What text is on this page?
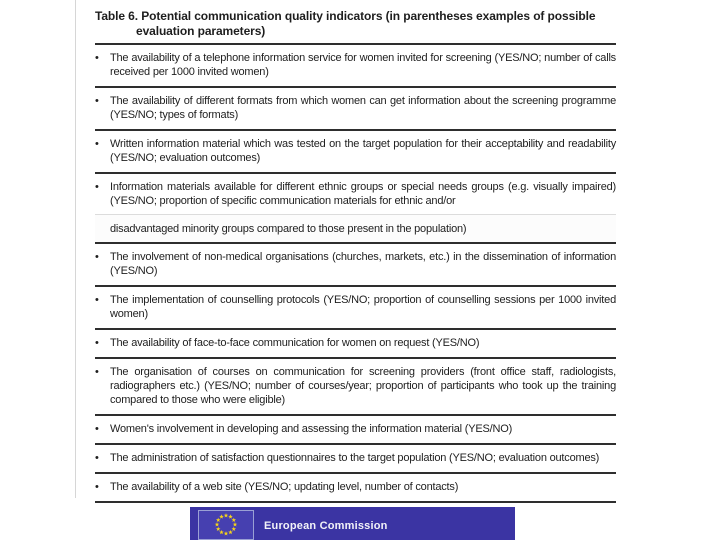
Table 6. Potential communication quality indicators (in parentheses examples of possible evaluation parameters)
•	The availability of a telephone information service for women invited for screening (YES/NO; number of calls received per 1000 invited women)
•	The availability of different formats from which women can get information about the screening programme (YES/NO; types of formats)
•	Written information material which was tested on the target population for their acceptability and readability (YES/NO; evaluation outcomes)
•	Information materials available for different ethnic groups or special needs groups (e.g. visually impaired) (YES/NO; proportion of specific communication materials for ethnic and/or
disadvantaged minority groups compared to those present in the population)
•	The involvement of non-medical organisations (churches, markets, etc.) in the dissemination of information (YES/NO)
•	The implementation of counselling protocols (YES/NO; proportion of counselling sessions per 1000 invited women)
•	The availability of face-to-face communication for women on request (YES/NO)
•	The organisation of courses on communication for screening providers (front office staff, radiologists, radiographers etc.) (YES/NO; number of courses/year; proportion of participants who took up the training compared to those who were eligible)
•	Women's involvement in developing and assessing the information material (YES/NO)
•	The administration of satisfaction questionnaires to the target population (YES/NO; evaluation outcomes)
•	The availability of a web site (YES/NO; updating level, number of contacts)
European Commission
